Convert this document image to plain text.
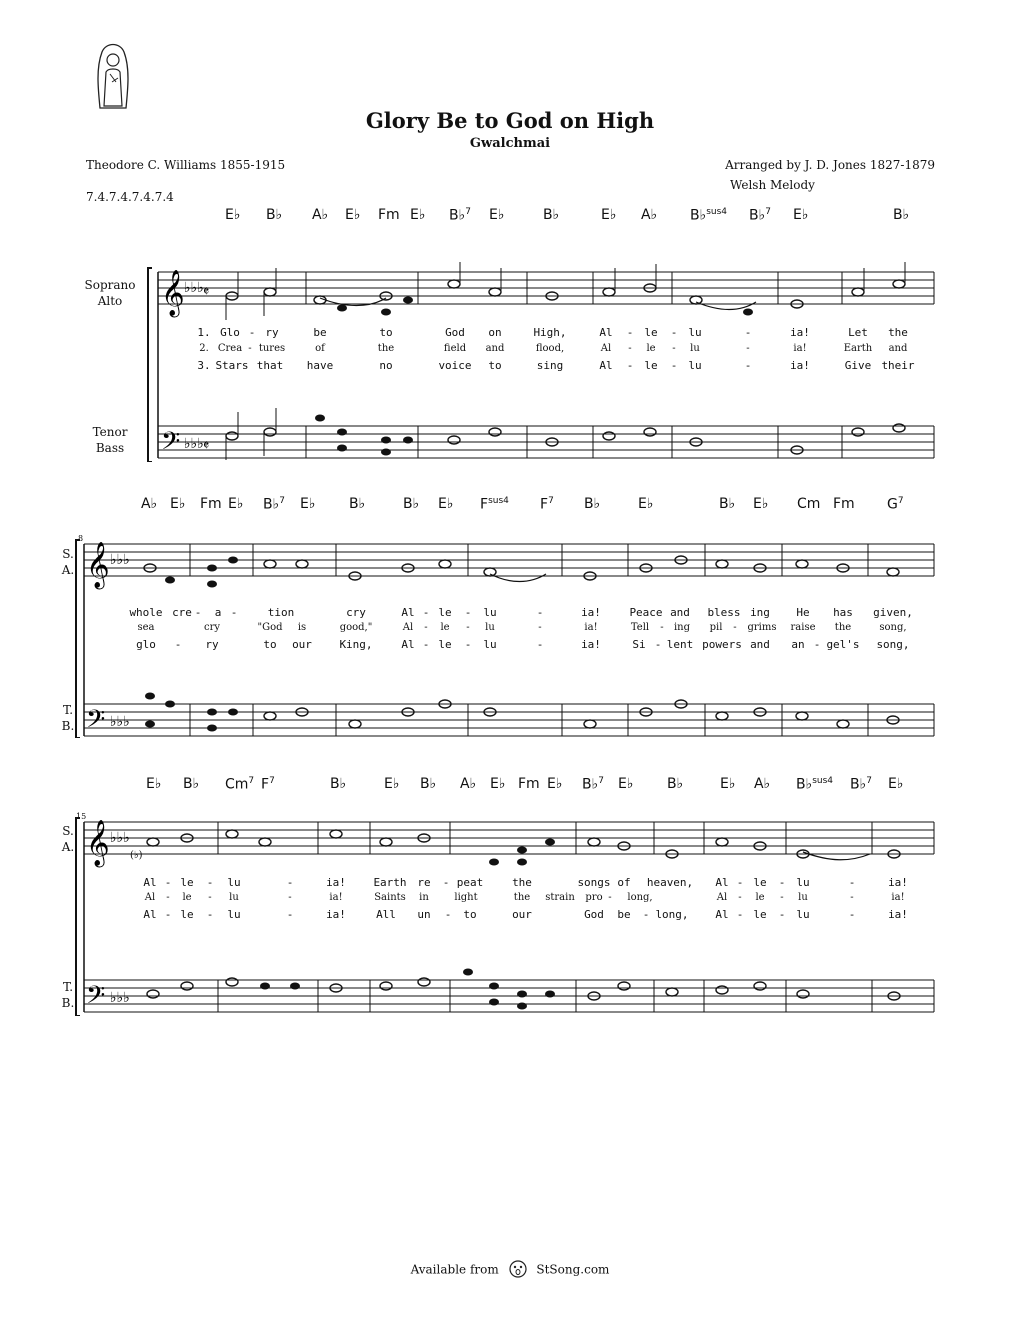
Glory Be to God on High
Gwalchmai
Theodore C. Williams 1855-1915	Arranged by J. D. Jones 1827-1879
Welsh Melody
7.4.7.4.7.4.7.4
E♭ B♭ A♭ E♭ Fm E♭ B♭$^7$ E♭	B♭	E♭ A♭ B♭$^{sus4}$ B♭$^7$ E♭	B♭
Soprano
Alto
Tenor
Bass
𝄞
𝄢
♭♭♭
♭♭♭
𝄵
𝄵
1. Glo - ry	be	to	God on	High,	Al - le - lu	-	ia!	Let the
2. Crea - tures	of	the	field and	flood,	Al - le - lu	-	ia!	Earth and
3. Stars that have	no	voice to	sing	Al - le - lu	-	ia!	Give their
A♭ E♭ Fm E♭ B♭$^7$ E♭ B♭	B♭ E♭ $F^{sus4}$ $F^7$ B♭	E♭	B♭ E♭ Cm Fm $G^7$
S.
A.
T.
B.
8
𝄞
𝄢
♭♭♭
♭♭♭
whole cre - a -	tion	cry	Al - le - lu	-	ia!	Peace and bless ing He has given,
sea	cry	"God is	good,"	Al - le - lu	-	ia!	Tell - ing pil - grims raise the	song,
glo - ry	to our	King,	Al - le - lu	-	ia!	Si - lent powers and an - gel's song,
E♭ B♭ Cm$^7$ $F^7$	B♭	E♭ B♭ A♭ E♭ Fm E♭ B♭$^7$ E♭ B♭	E♭ A♭ B♭$^{sus4}$ B♭$^7$ E♭
S.
A.
T.
B.
15
(♭)
𝄞
𝄢
♭♭♭
♭♭♭
Al - le - lu	-	ia!	Earth re - peat	the	songs of heaven, Al - le - lu	-	ia!
Al - le - lu	-	ia!	Saints in	light	the strain pro - long,	Al - le - lu	-	ia!
Al - le - lu	-	ia!	All un - to	our	God be - long, Al - le - lu	-	ia!
Available from	StSong.com
